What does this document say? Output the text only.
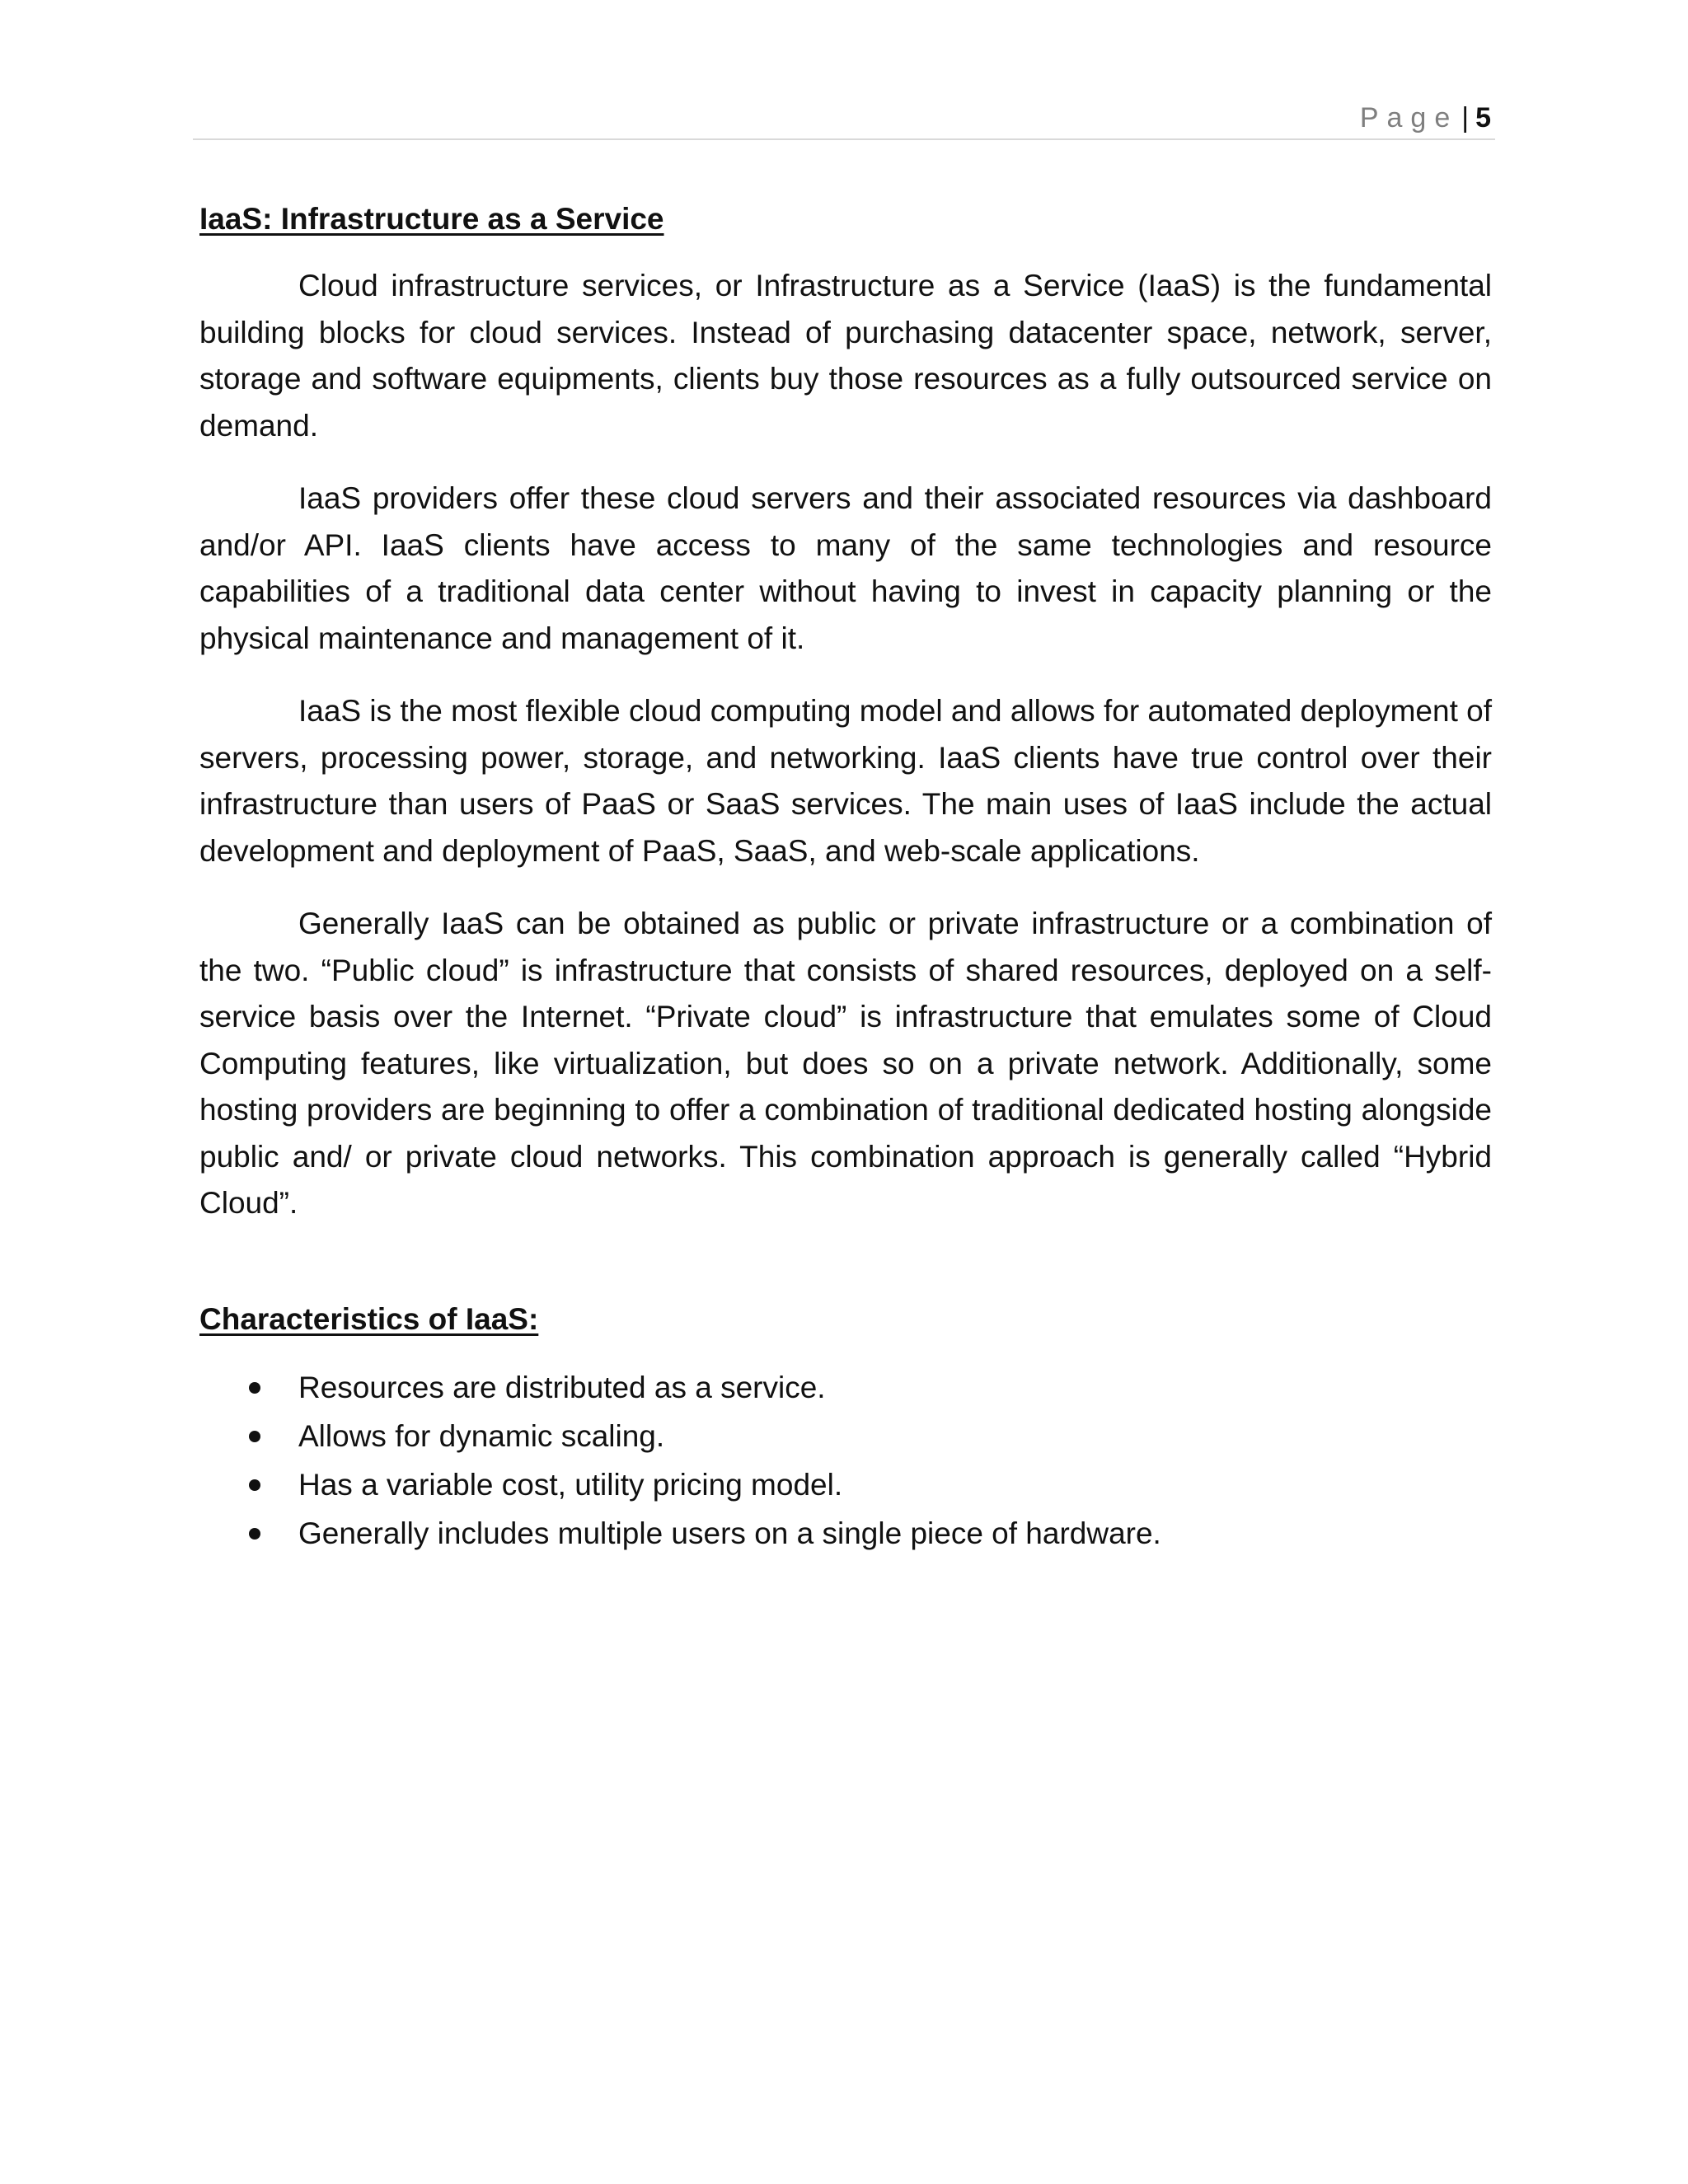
Page | 5
IaaS: Infrastructure as a Service

Cloud infrastructure services, or Infrastructure as a Service (IaaS) is the fundamental building blocks for cloud services. Instead of purchasing datacenter space, network, server, storage and software equipments, clients buy those resources as a fully outsourced service on demand.

IaaS providers offer these cloud servers and their associated resources via dashboard and/or API. IaaS clients have access to many of the same technologies and resource capabilities of a traditional data center without having to invest in capacity planning or the physical maintenance and management of it.

IaaS is the most flexible cloud computing model and allows for automated deployment of servers, processing power, storage, and networking. IaaS clients have true control over their infrastructure than users of PaaS or SaaS services. The main uses of IaaS include the actual development and deployment of PaaS, SaaS, and web-scale applications.

Generally IaaS can be obtained as public or private infrastructure or a combination of the two. “Public cloud” is infrastructure that consists of shared resources, deployed on a self-service basis over the Internet. “Private cloud” is infrastructure that emulates some of Cloud Computing features, like virtualization, but does so on a private network. Additionally, some hosting providers are beginning to offer a combination of traditional dedicated hosting alongside public and/ or private cloud networks. This combination approach is generally called “Hybrid Cloud”.

Characteristics of IaaS:
Resources are distributed as a service.
Allows for dynamic scaling.
Has a variable cost, utility pricing model.
Generally includes multiple users on a single piece of hardware.
